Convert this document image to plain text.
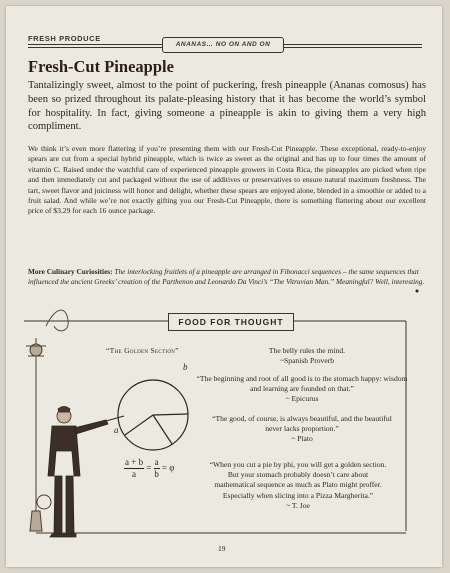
FRESH PRODUCE
ANANAS… NO ON AND ON
Fresh-Cut Pineapple
Tantalizingly sweet, almost to the point of puckering, fresh pineapple (Ananas comosus) has been so prized throughout its palate-pleasing history that it has become the world’s symbol for hospitality. In fact, giving someone a pineapple is akin to giving them a very high compliment.
We think it’s even more flattering if you’re presenting them with our Fresh-Cut Pineapple. These exceptional, ready-to-enjoy spears are cut from a special hybrid pineapple, which is twice as sweet as the original and has up to four times the amount of vitamin C. Raised under the watchful care of experienced pineapple growers in Costa Rica, the pineapples are picked when ripe and then immediately cut and packaged without the use of additives or preservatives to ensure natural maximum freshness. The tart, sweet flavor and juiciness will honor and delight, whether these spears are enjoyed alone, blended in a smoothie or added to a fruit salad. And while we’re not exactly gifting you our Fresh-Cut Pineapple, there is something flattering about our excellent price of $3.29 for each 16 ounce package.
More Culinary Curiosities: The interlocking fruitlets of a pineapple are arranged in Fibonacci sequences – the same sequences that influenced the ancient Greeks’ creation of the Parthenon and Leonardo Da Vinci’s “The Vitruvian Man.” Meaningful? Well, interesting.
FOOD FOR THOUGHT
“The Golden Section”
b
a
$\frac{a + b}{a} = \frac{a}{b} = \varphi$
The belly rules the mind.
~Spanish Proverb
“The beginning and root of all good is to the stomach happy: wisdom and learning are founded on that.”
~ Epicurus
“The good, of course, is always beautiful, and the beautiful never lacks proportion.”
~ Plato
“When you cut a pie by phi, you will get a golden section. But your stomach probably doesn’t care about mathematical sequence as much as Plato might proffer. Especially when slicing into a Pizza Margherita.”
~ T. Joe
19
